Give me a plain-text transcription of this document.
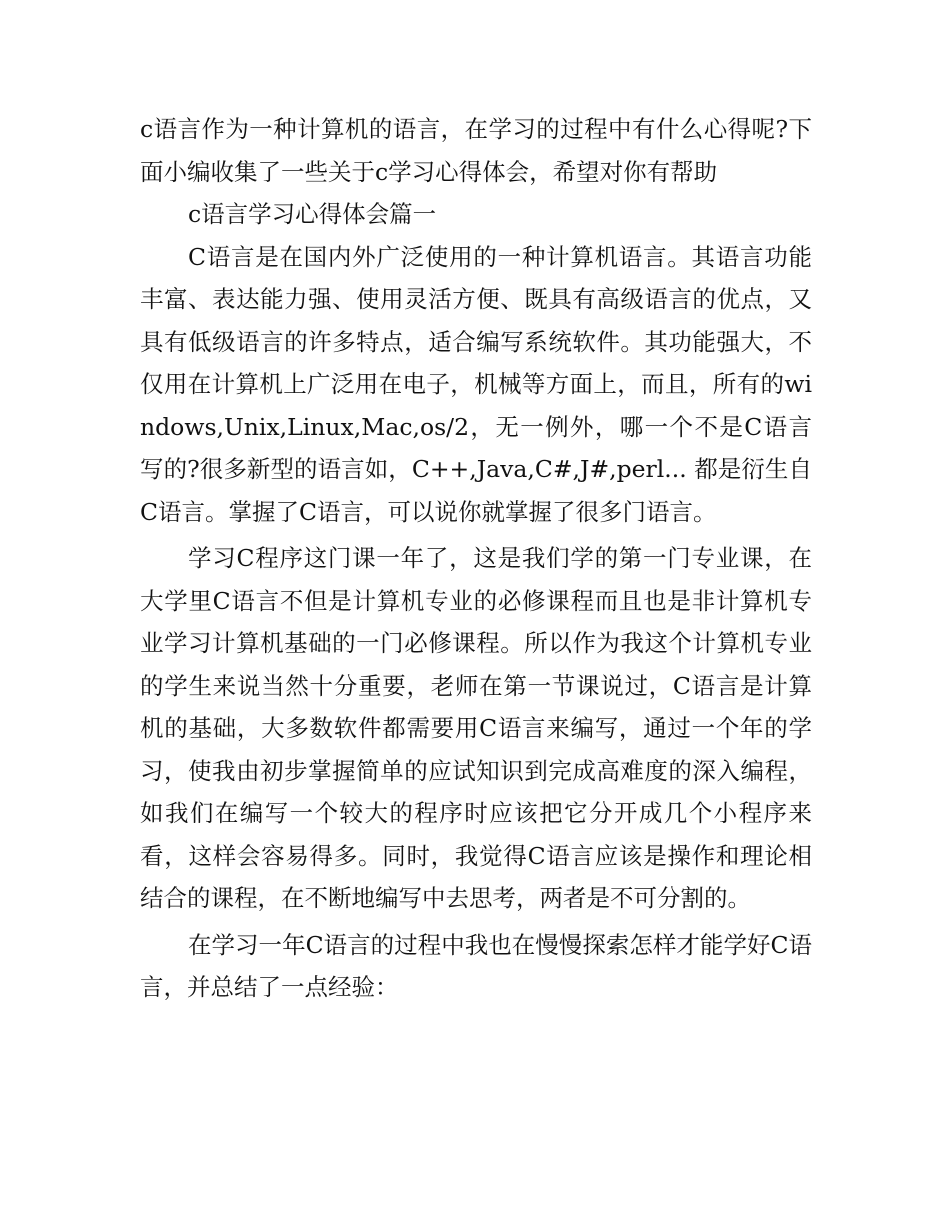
c语言作为一种计算机的语言，在学习的过程中有什么心得呢?下面小编收集了一些关于c学习心得体会，希望对你有帮助

c语言学习心得体会篇一

C语言是在国内外广泛使用的一种计算机语言。其语言功能丰富、表达能力强、使用灵活方便、既具有高级语言的优点，又具有低级语言的许多特点，适合编写系统软件。其功能强大，不仅用在计算机上广泛用在电子，机械等方面上，而且，所有的windows,Unix,Linux,Mac,os/2，无一例外，哪一个不是C语言写的?很多新型的语言如，C++,Java,C#,J#,perl... 都是衍生自C语言。掌握了C语言，可以说你就掌握了很多门语言。

学习C程序这门课一年了，这是我们学的第一门专业课，在大学里C语言不但是计算机专业的必修课程而且也是非计算机专业学习计算机基础的一门必修课程。所以作为我这个计算机专业的学生来说当然十分重要，老师在第一节课说过，C语言是计算机的基础，大多数软件都需要用C语言来编写，通过一个年的学习，使我由初步掌握简单的应试知识到完成高难度的深入编程，如我们在编写一个较大的程序时应该把它分开成几个小程序来看，这样会容易得多。同时，我觉得C语言应该是操作和理论相结合的课程，在不断地编写中去思考，两者是不可分割的。

在学习一年C语言的过程中我也在慢慢探索怎样才能学好C语言，并总结了一点经验：
